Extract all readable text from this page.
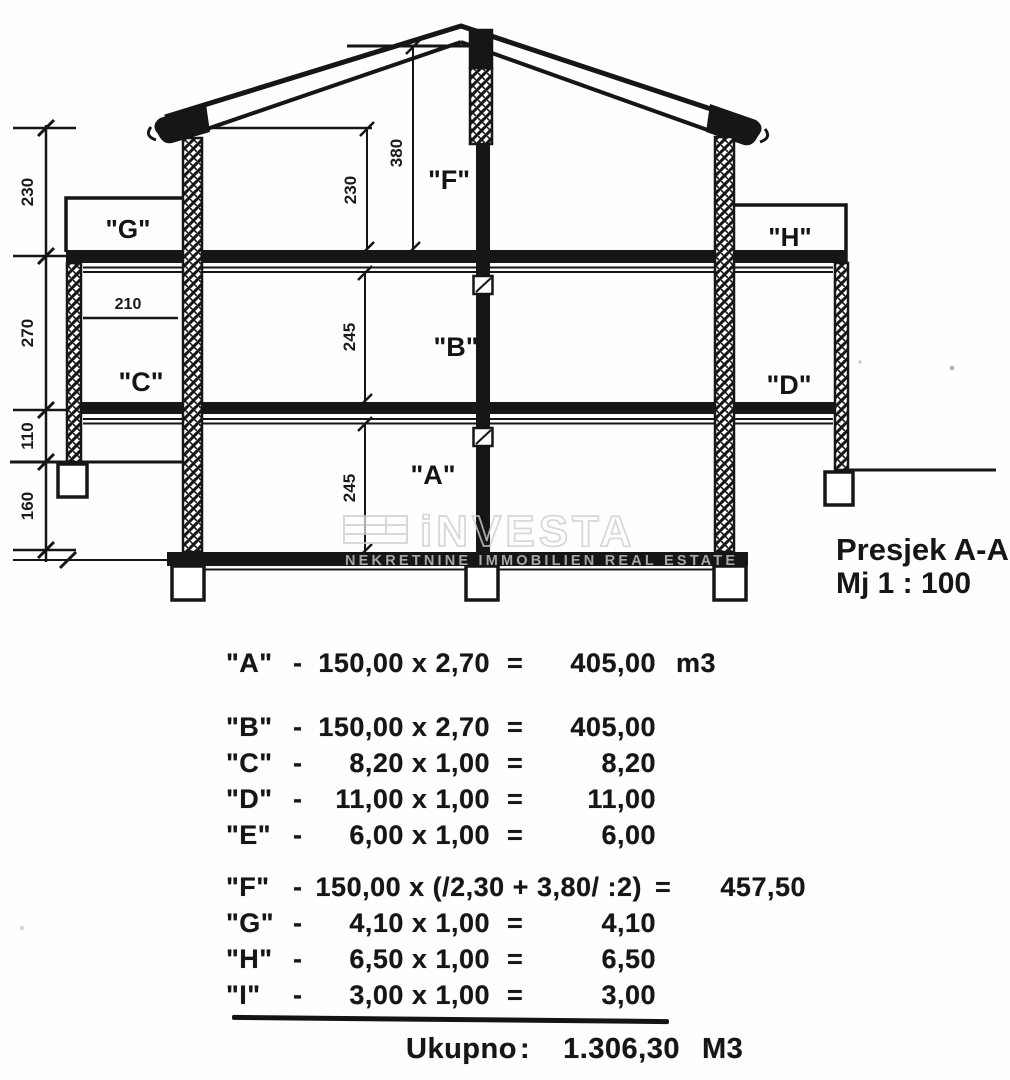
230
270
110
160
230
380
245
245
210
"F"
"G"	"H"
"B"
"C"	"D"
"A"
Presjek A-A
Mj 1 : 100
iNVESTA
NEKRETNINE IMMOBILIEN REAL ESTATE
"A" - 150,00 x 2,70 =	405,00 m3
"B" - 150,00 x 2,70 =	405,00
"C" -	8,20 x 1,00 =	8,20
"D" -	11,00 x 1,00 =	11,00
"E" -	6,00 x 1,00 =	6,00
"F" - 150,00 x (/2,30 + 3,80/ :2) =	457,50
"G" -	4,10 x 1,00 =	4,10
"H" -	6,50 x 1,00 =	6,50
"I" -	3,00 x 1,00 =	3,00
Ukupno :	1.306,30 M3
